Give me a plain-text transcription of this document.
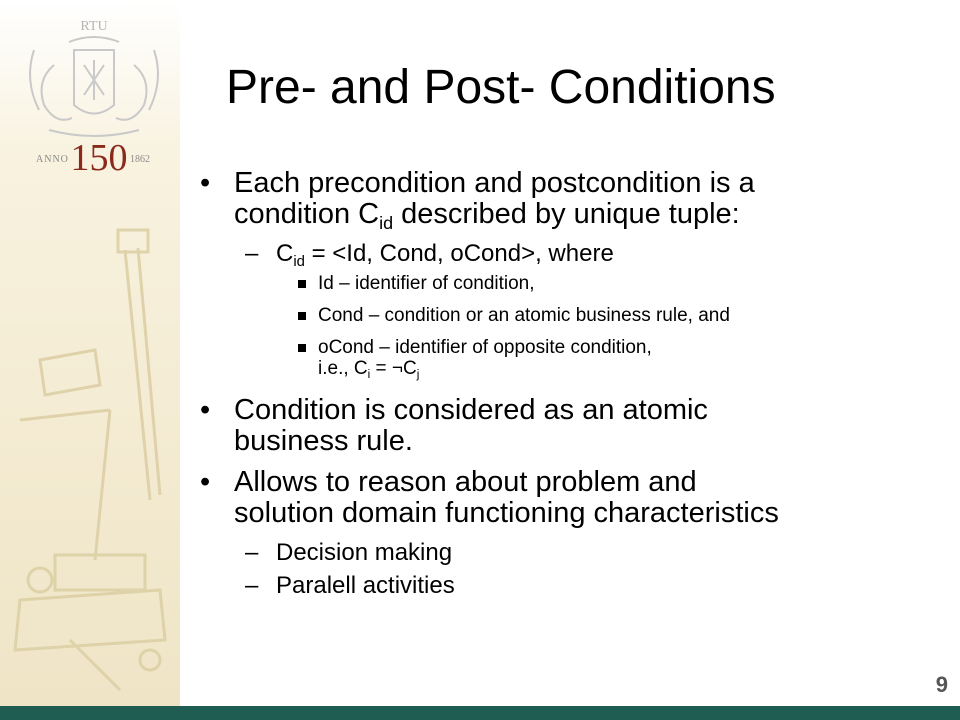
RTU
ANNO 150 1862
Pre- and Post- Conditions
• Each precondition and postcondition is a
condition $C_{id}$ described by unique tuple:
– $C_{id} = <Id$, Cond, oCond>, where
Id – identifier of condition,
Cond – condition or an atomic business rule, and
oCond – identifier of opposite condition,
i.e., $C_i$ = $\neg C_j$
• Condition is considered as an atomic
business rule.
• Allows to reason about problem and
solution domain functioning characteristics
– Decision making
– Paralell activities
9
